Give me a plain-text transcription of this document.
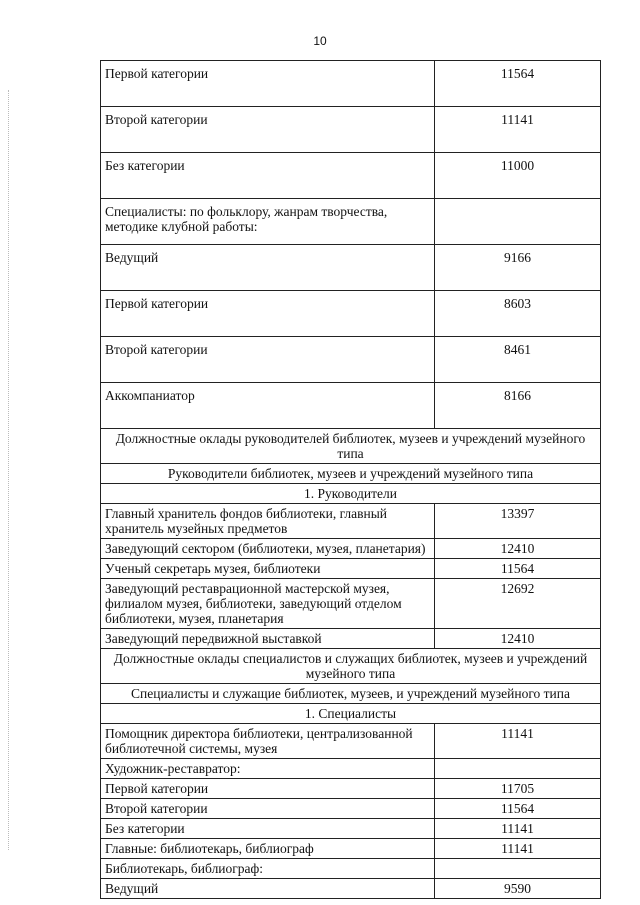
10
Первой категории	11564
Второй категории	11141
Без категории	11000
Специалисты: по фольклору, жанрам творчества, методике клубной работы:	
Ведущий	9166
Первой категории	8603
Второй категории	8461
Аккомпаниатор	8166
Должностные оклады руководителей библиотек, музеев и учреждений музейного типа	
Руководители библиотек, музеев и учреждений музейного типа	
1. Руководители	
Главный хранитель фондов библиотеки, главный хранитель музейных предметов	13397
Заведующий сектором (библиотеки, музея, планетария)	12410
Ученый секретарь музея, библиотеки	11564
Заведующий реставрационной мастерской музея, филиалом музея, библиотеки, заведующий отделом библиотеки, музея, планетария	12692
Заведующий передвижной выставкой	12410
Должностные оклады специалистов и служащих библиотек, музеев и учреждений музейного типа	
Специалисты и служащие библиотек, музеев, и учреждений музейного типа	
1. Специалисты	
Помощник директора библиотеки, централизованной библиотечной системы, музея	11141
Художник-реставратор:	
Первой категории	11705
Второй категории	11564
Без категории	11141
Главные: библиотекарь, библиограф	11141
Библиотекарь, библиограф:	
Ведущий	9590
